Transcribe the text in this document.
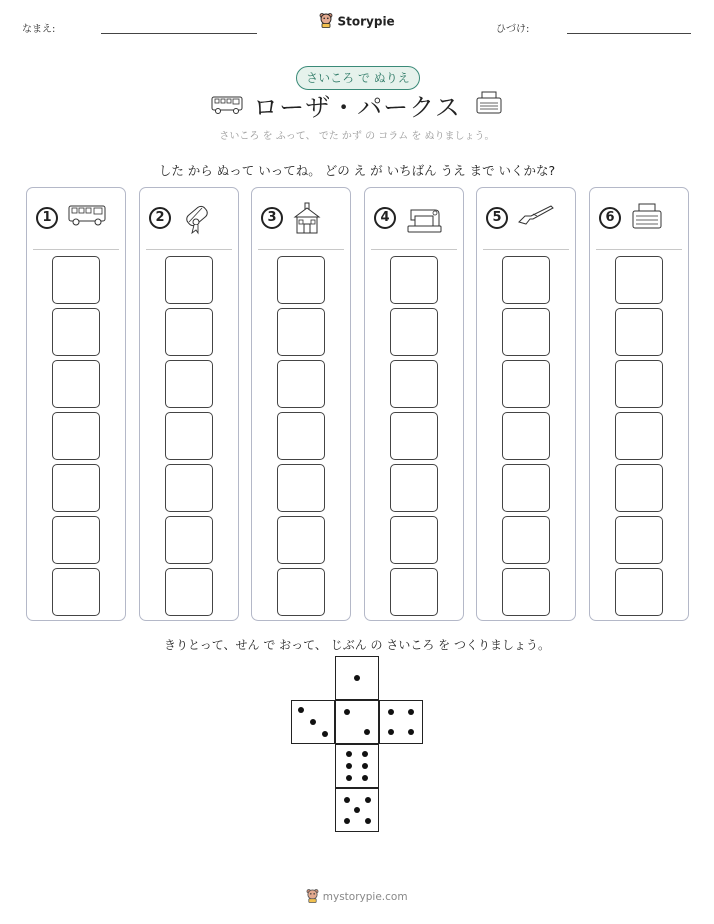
なまえ:
Storypie
ひづけ:
さいころ で ぬりえ
ローザ・パークス
さいころ を ふって、 でた かず の コラム を ぬりましょう。
した から ぬって いってね。 どの え が いちばん うえ まで いくかな?
1	2	3	4	5	6
きりとって、せん で おって、 じぶん の さいころ を つくりましょう。
mystorypie.com
